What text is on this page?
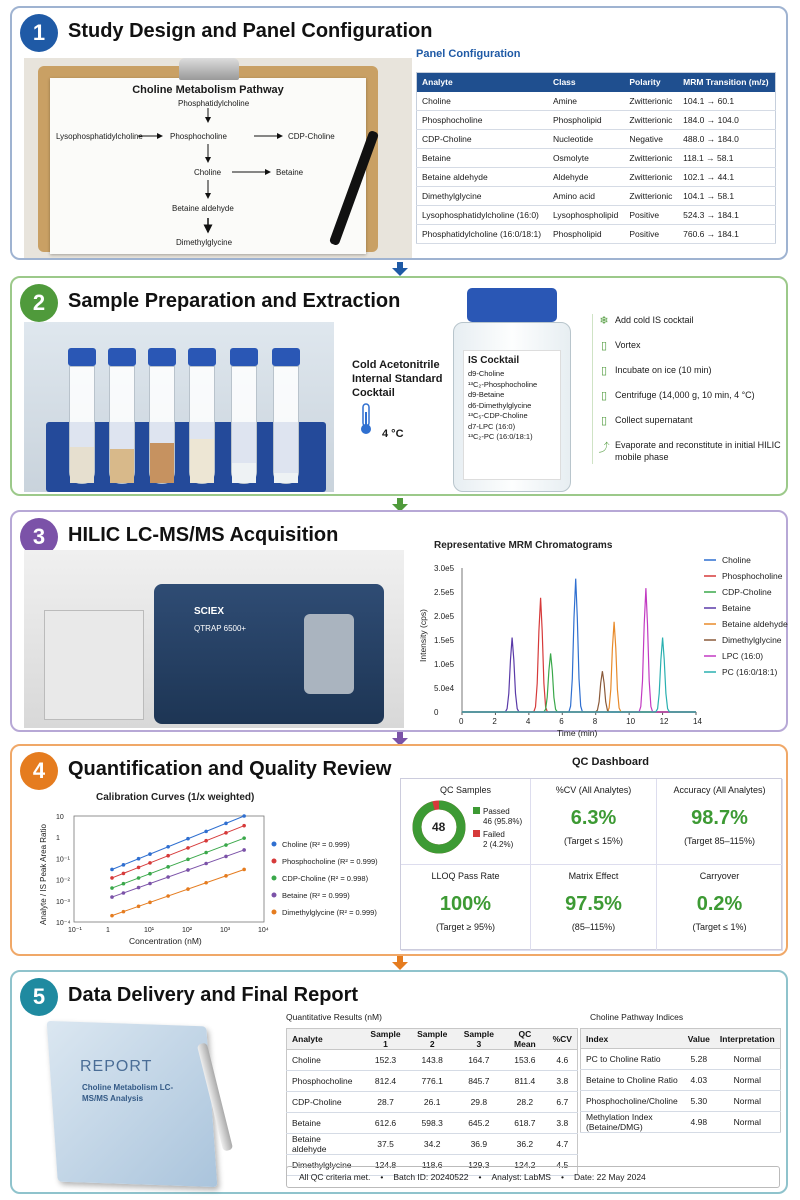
1	Study Design and Panel Configuration
Choline Metabolism Pathway
Phosphatidylcholine
Lysophosphatidylcholine	Phosphocholine	CDP-Choline
Choline	Betaine
Betaine aldehyde
Dimethylglycine
Panel Configuration
Analyte	Class	Polarity	MRM Transition (m/z)
Choline	Amine	Zwitterionic	104.1 → 60.1
Phosphocholine	Phospholipid	Zwitterionic	184.0 → 104.0
CDP-Choline	Nucleotide	Negative	488.0 → 184.0
Betaine	Osmolyte	Zwitterionic	118.1 → 58.1
Betaine aldehyde	Aldehyde	Zwitterionic	102.1 → 44.1
Dimethylglycine	Amino acid	Zwitterionic	104.1 → 58.1
Lysophosphatidylcholine (16:0)	Lysophospholipid	Positive	524.3 → 184.1
Phosphatidylcholine (16:0/18:1)	Phospholipid	Positive	760.6 → 184.1
2	Sample Preparation and Extraction
Cold Acetonitrile
Internal Standard
Cocktail
4 °C
IS Cocktail
d9-Choline
¹³C₂-Phosphocholine
d9-Betaine
d6-Dimethylglycine
¹³C₅-CDP-Choline
d7-LPC (16:0)
¹³C₂-PC (16:0/18:1)
❄ Add cold IS cocktail
▯ Vortex
▯ Incubate on ice (10 min)
▯ Centrifuge (14,000 g, 10 min, 4 °C)
▯ Collect supernatant
⤴ Evaporate and reconstitute in initial HILIC mobile phase
3	HILIC LC-MS/MS Acquisition
SCIEX
QTRAP 6500+
Representative MRM Chromatograms
0	2	4	6	8	10	12	14
0
5.0e4
1.0e5
1.5e5
2.0e5
2.5e5
3.0e5
Time (min)
Intensity (cps)
Choline
Phosphocholine
CDP-Choline
Betaine
Betaine aldehyde
Dimethylglycine
LPC (16:0)
PC (16:0/18:1)
4	Quantification and Quality Review
Calibration Curves (1/x weighted)
10⁻¹	1	10¹	10²	10³	10⁴
10⁻⁴
10⁻³
10⁻²
10⁻¹
1
10
Concentration (nM)
Analyte / IS Peak Area Ratio	Choline (R² = 0.999)
Phosphocholine (R² = 0.999)
CDP-Choline (R² = 0.998)
Betaine (R² = 0.999)
Dimethylglycine (R² = 0.999)
QC Dashboard
QC Samples
48
Passed
46 (95.8%)
Failed
2 (4.2%)
%CV (All Analytes)
6.3%
(Target ≤ 15%)
Accuracy (All Analytes)
98.7%
(Target 85–115%)
LLOQ Pass Rate
100%
(Target ≥ 95%)
Matrix Effect
97.5%
(85–115%)
Carryover
0.2%
(Target ≤ 1%)
5	Data Delivery and Final Report
REPORT
Choline Metabolism LC-MS/MS Analysis
Quantitative Results (nM)
Analyte	Sample 1	Sample 2	Sample 3	QC Mean	%CV
Choline	152.3	143.8	164.7	153.6	4.6
Phosphocholine	812.4	776.1	845.7	811.4	3.8
CDP-Choline	28.7	26.1	29.8	28.2	6.7
Betaine	612.6	598.3	645.2	618.7	3.8
Betaine aldehyde	37.5	34.2	36.9	36.2	4.7
Dimethylglycine	124.8	118.6	129.3	124.2	4.5
Choline Pathway Indices
Index	Value	Interpretation
PC to Choline Ratio	5.28	Normal
Betaine to Choline Ratio	4.03	Normal
Phosphocholine/Choline	5.30	Normal
Methylation Index (Betaine/DMG)	4.98	Normal
All QC criteria met. • Batch ID: 20240522 • Analyst: LabMS • Date: 22 May 2024
